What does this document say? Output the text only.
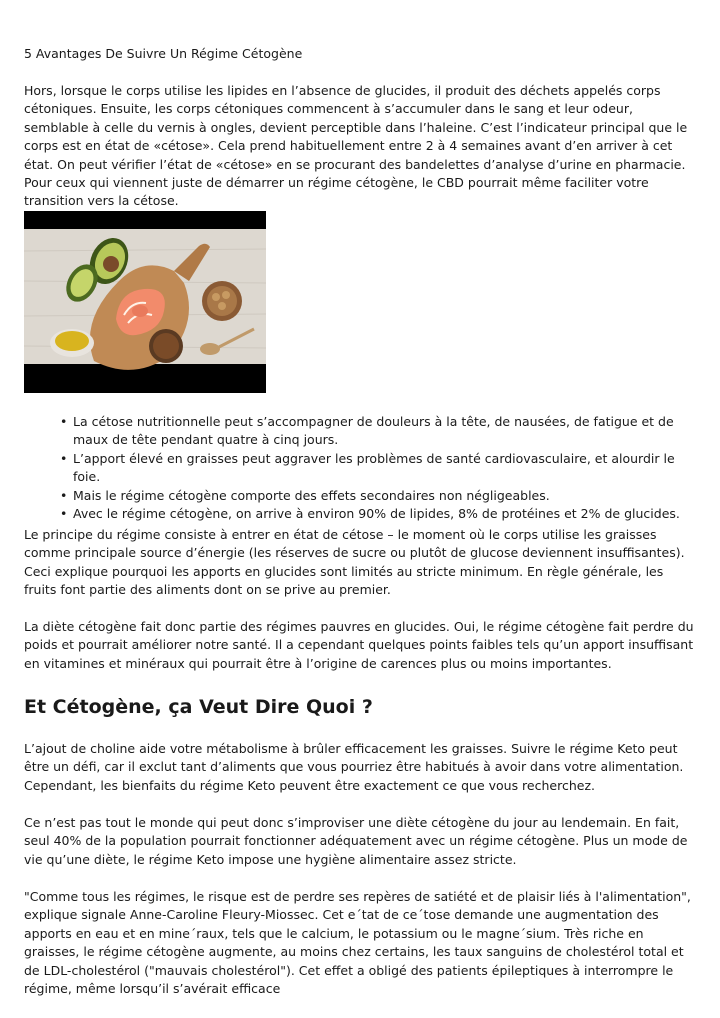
5 Avantages De Suivre Un Régime Cétogène

Hors, lorsque le corps utilise les lipides en l’absence de glucides, il produit des déchets appelés corps cétoniques. Ensuite, les corps cétoniques commencent à s’accumuler dans le sang et leur odeur, semblable à celle du vernis à ongles, devient perceptible dans l’haleine. C’est l’indicateur principal que le corps est en état de «cétose». Cela prend habituellement entre 2 à 4 semaines avant d’en arriver à cet état. On peut vérifier l’état de «cétose» en se procurant des bandelettes d’analyse d’urine en pharmacie. Pour ceux qui viennent juste de démarrer un régime cétogène, le CBD pourrait même faciliter votre transition vers la cétose.

• La cétose nutritionnelle peut s’accompagner de douleurs à la tête, de nausées, de fatigue et de maux de tête pendant quatre à cinq jours.
• L’apport élevé en graisses peut aggraver les problèmes de santé cardiovasculaire, et alourdir le foie.
• Mais le régime cétogène comporte des effets secondaires non négligeables.
• Avec le régime cétogène, on arrive à environ 90% de lipides, 8% de protéines et 2% de glucides.

Le principe du régime consiste à entrer en état de cétose – le moment où le corps utilise les graisses comme principale source d’énergie (les réserves de sucre ou plutôt de glucose deviennent insuffisantes). Ceci explique pourquoi les apports en glucides sont limités au stricte minimum. En règle générale, les fruits font partie des aliments dont on se prive au premier.

La diète cétogène fait donc partie des régimes pauvres en glucides. Oui, le régime cétogène fait perdre du poids et pourrait améliorer notre santé. Il a cependant quelques points faibles tels qu’un apport insuffisant en vitamines et minéraux qui pourrait être à l’origine de carences plus ou moins importantes.

Et Cétogène, ça Veut Dire Quoi ?

L’ajout de choline aide votre métabolisme à brûler efficacement les graisses. Suivre le régime Keto peut être un défi, car il exclut tant d’aliments que vous pourriez être habitués à avoir dans votre alimentation. Cependant, les bienfaits du régime Keto peuvent être exactement ce que vous recherchez.

Ce n’est pas tout le monde qui peut donc s’improviser une diète cétogène du jour au lendemain. En fait, seul 40% de la population pourrait fonctionner adéquatement avec un régime cétogène. Plus un mode de vie qu’une diète, le régime Keto impose une hygiène alimentaire assez stricte.

"Comme tous les régimes, le risque est de perdre ses repères de satiété et de plaisir liés à l'alimentation", explique signale Anne-Caroline Fleury-Miossec. Cet e´tat de ce´tose demande une augmentation des apports en eau et en mine´raux, tels que le calcium, le potassium ou le magne´sium. Très riche en graisses, le régime cétogène augmente, au moins chez certains, les taux sanguins de cholestérol total et de LDL-cholestérol ("mauvais cholestérol"). Cet effet a obligé des patients épileptiques à interrompre le régime, même lorsqu’il s’avérait efficace
